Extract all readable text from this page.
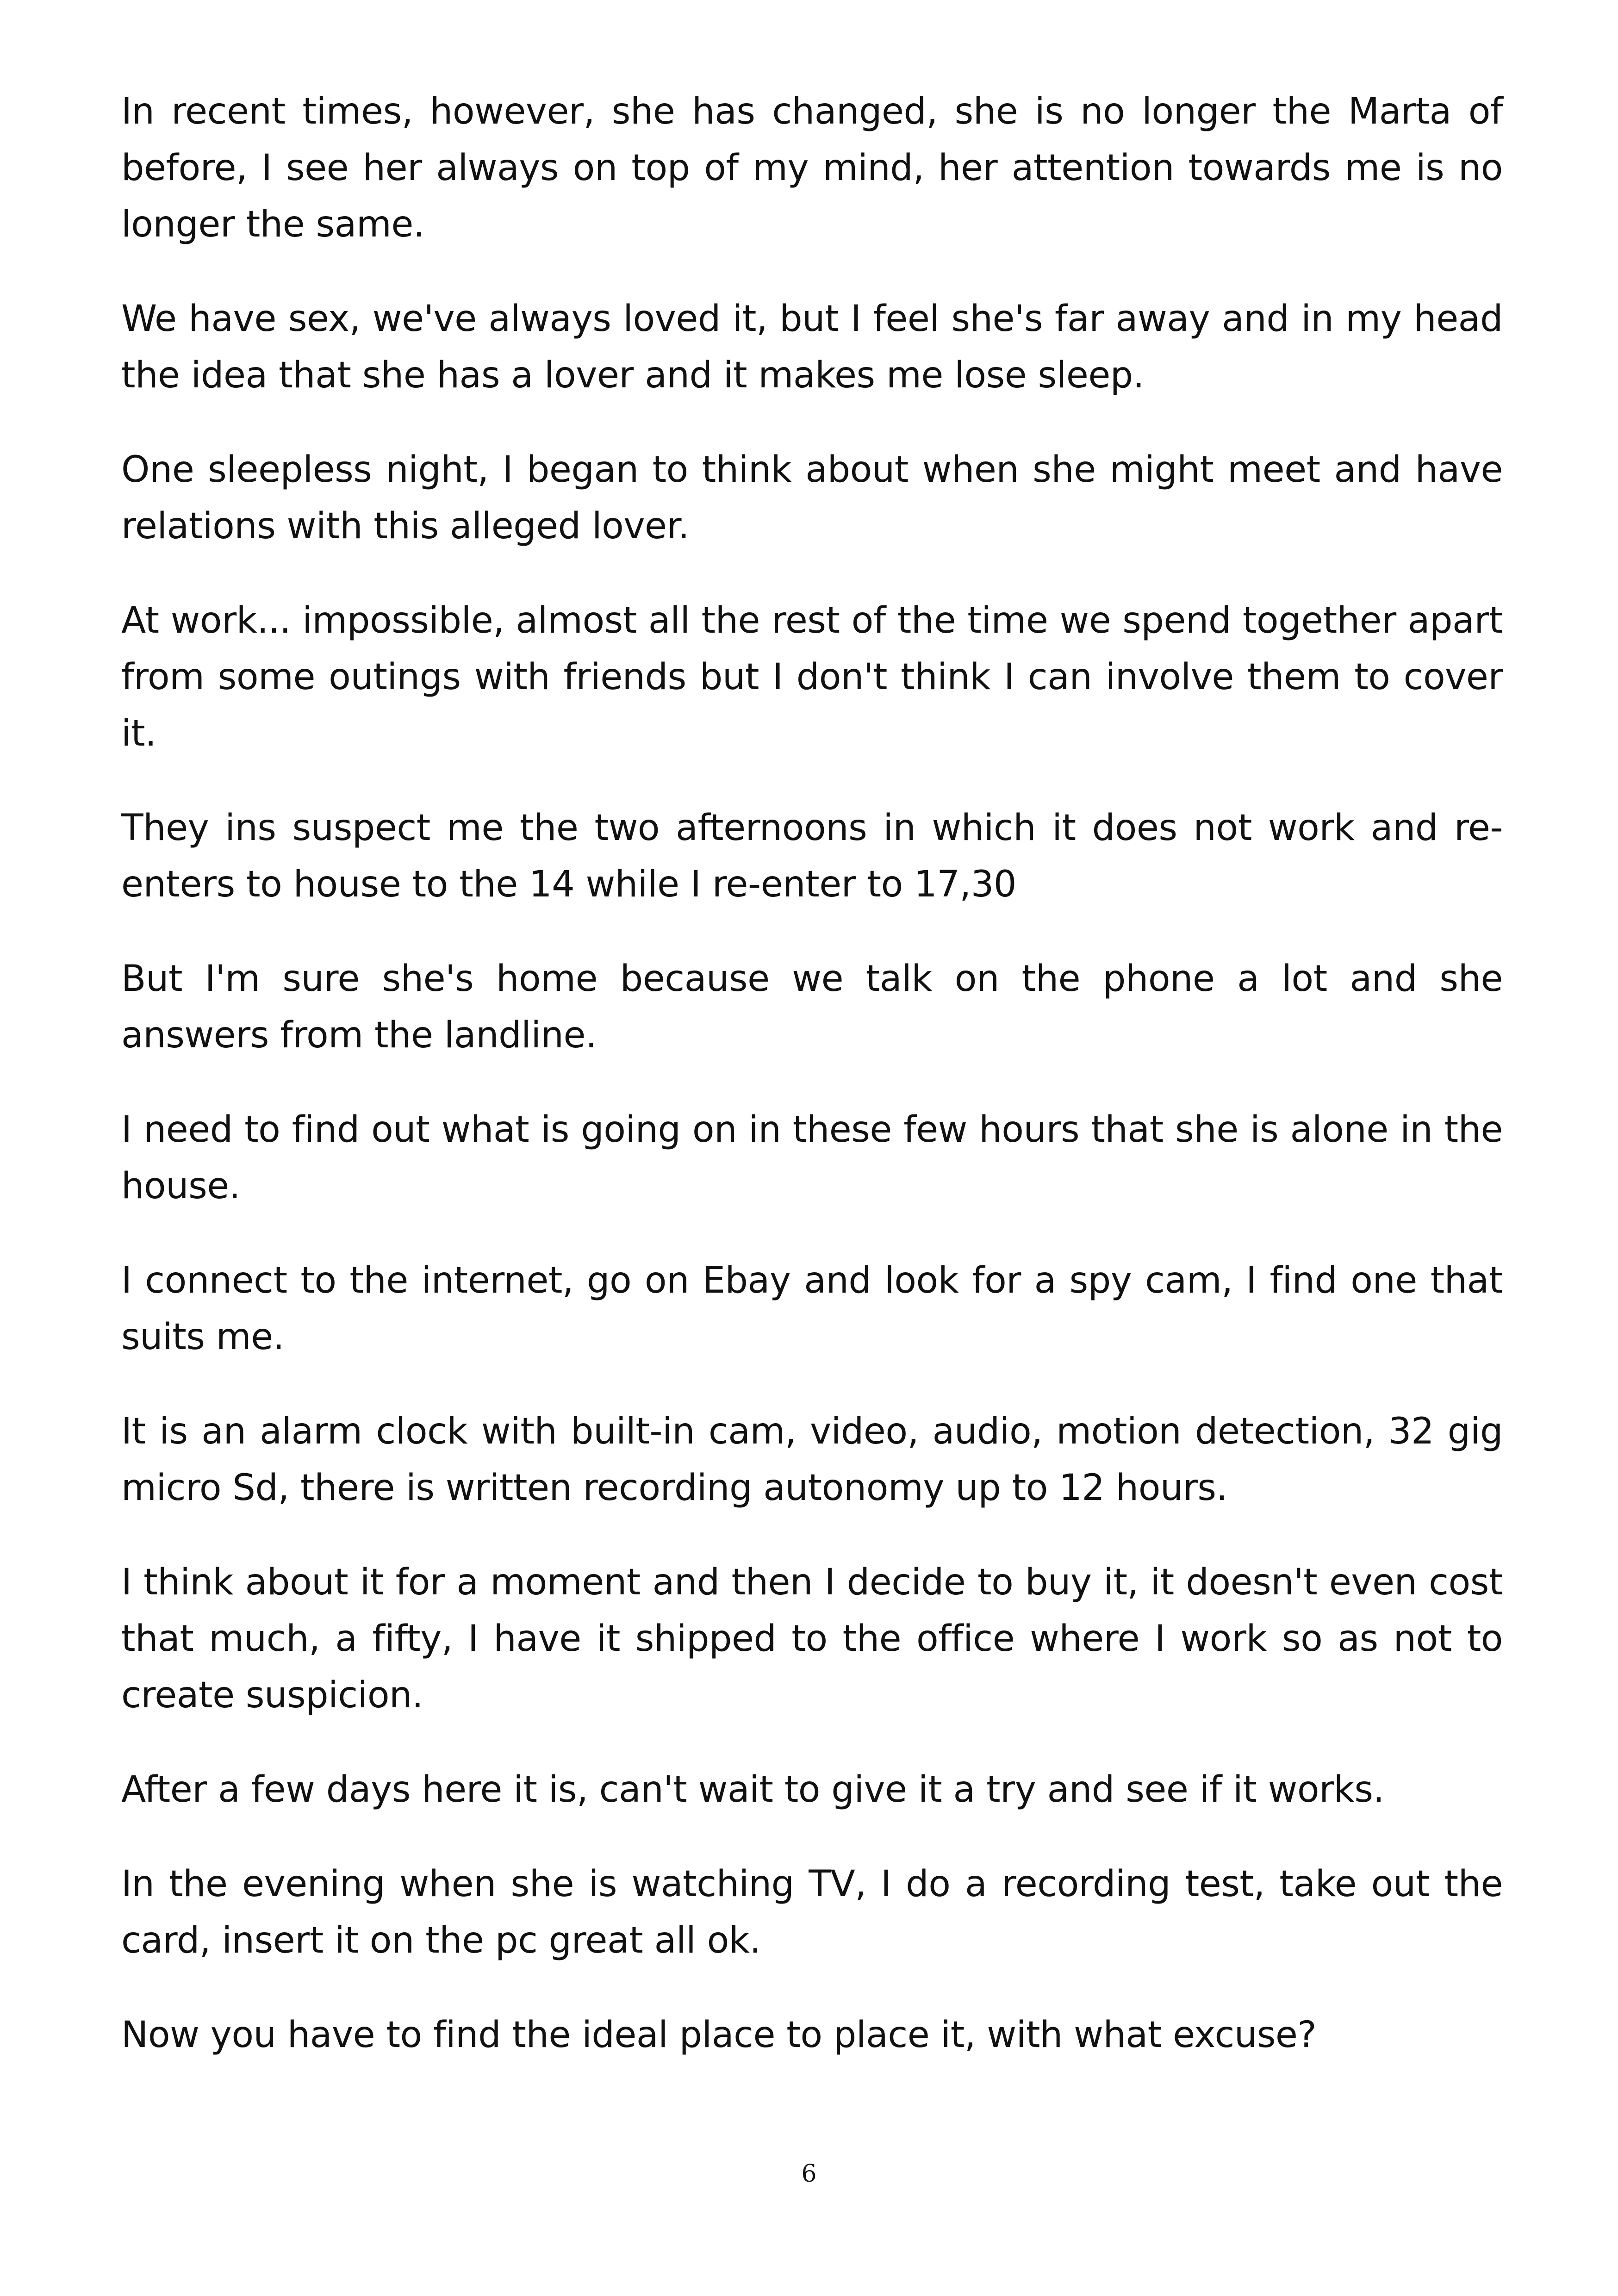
In recent times, however, she has changed, she is no longer the Marta of before, I see her always on top of my mind, her attention towards me is no longer the same.

We have sex, we've always loved it, but I feel she's far away and in my head the idea that she has a lover and it makes me lose sleep.

One sleepless night, I began to think about when she might meet and have relations with this alleged lover.

At work... impossible, almost all the rest of the time we spend together apart from some outings with friends but I don't think I can involve them to cover it.

They ins suspect me the two afternoons in which it does not work and re-enters to house to the 14 while I re-enter to 17,30

But I'm sure she's home because we talk on the phone a lot and she answers from the landline.

I need to find out what is going on in these few hours that she is alone in the house.

I connect to the internet, go on Ebay and look for a spy cam, I find one that suits me.

It is an alarm clock with built-in cam, video, audio, motion detection, 32 gig micro Sd, there is written recording autonomy up to 12 hours.

I think about it for a moment and then I decide to buy it, it doesn't even cost that much, a fifty, I have it shipped to the office where I work so as not to create suspicion.

After a few days here it is, can't wait to give it a try and see if it works.

In the evening when she is watching TV, I do a recording test, take out the card, insert it on the pc great all ok.

Now you have to find the ideal place to place it, with what excuse?

6
